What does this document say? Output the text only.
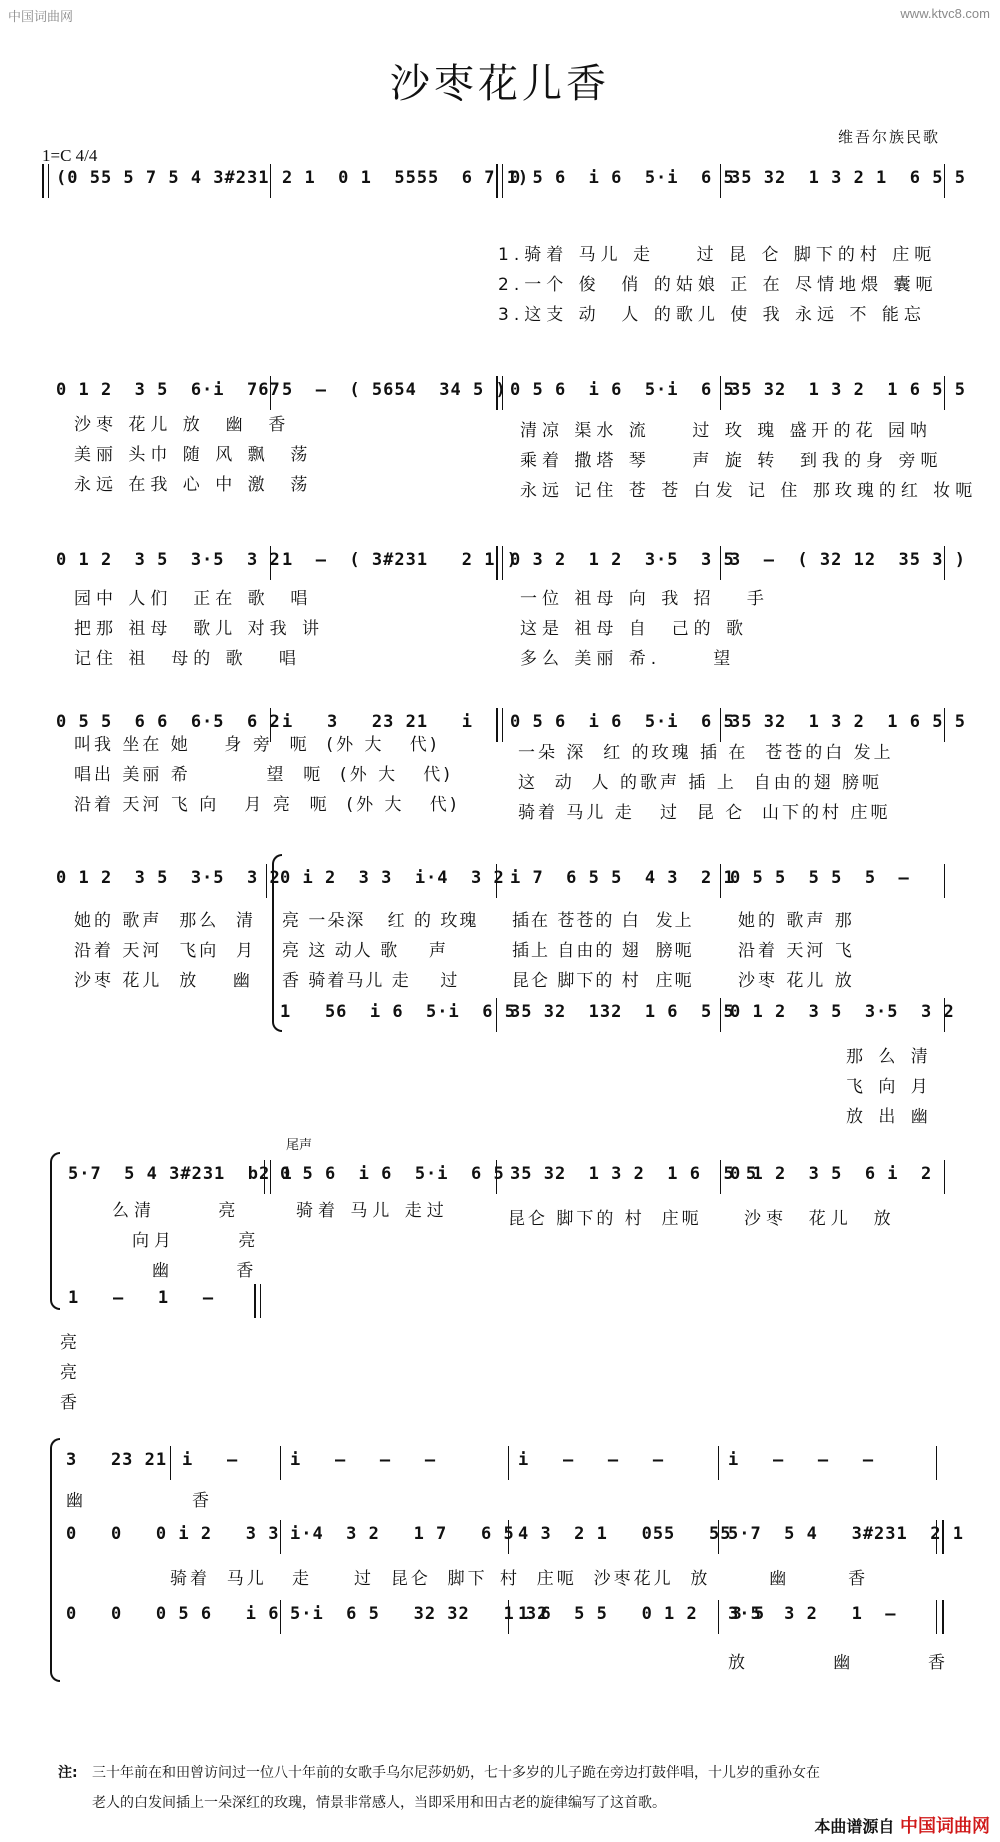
中国词曲网	www.ktvc8.com
沙枣花儿香
维吾尔族民歌
1=C 4/4
(0 55 5 7 5 4 3#231 2 1  0 1  5555  6 7 1)
0 5 6  i 6  5·i  6 5
35 32  1 3 2 1  6 5 5
1.骑着 马儿 走    过 昆 仑 脚下的村 庄呃
2.一个 俊  俏 的姑娘 正 在 尽情地煨 囊呃
3.这支 动  人 的歌儿 使 我 永远 不 能忘
0 1 2  3 5  6·i  767 5  —  ( 5654  34 5 ) 0 5 6  i 6  5·i  6 5
35 32  1 3 2  1 6 5 5
沙枣 花儿 放  幽  香
美丽 头巾 随 风 飘  荡
永远 在我 心 中 激  荡
清凉 渠水 流    过 玫 瑰 盛开的花 园呐
乘着 撒塔 琴    声 旋 转  到我的身 旁呃
永远 记住 苍 苍 白发 记 住 那玫瑰的红 妆呃
0 1 2  3 5  3·5  3 2 1  —  ( 3#231   2 1 )
0 3 2  1 2  3·5  3 5
3  —  ( 32 12  35 3 )
园中 人们  正在 歌  唱
把那 祖母  歌儿 对我 讲
记住 祖  母的 歌   唱
一位 祖母 向 我 招   手
这是 祖母 自  己的 歌
多么 美丽 希.     望
0 5 5  6 6  6·5  6 2 i   3   23 21   i 0 5 6  i 6  5·i  6 5
35 32  1 3 2  1 6 5 5
叫我 坐在 她    身 旁  呃  (外 大   代)
唱出 美丽 希         望  呃  (外 大   代)
沿着 天河 飞 向   月 亮  呃  (外 大   代)
一朵 深  红 的玫瑰 插 在  苍苍的白 发上
这  动  人 的歌声 插 上  自由的翅 膀呃
骑着 马儿 走   过  昆 仑  山下的村 庄呃
0 1 2  3 5  3·5  3 2 0 i 2  3 3  i·4  3 2 i 7  6 5 5  4 3  2 1
0 5 5  5 5  5  —
她的 歌声  那么  清
沿着 天河  飞向  月
沙枣 花儿  放    幽
亮 一朵深   红 的 玫瑰
亮 这 动人 歌    声
香 骑着马儿 走    过
插在 苍苍的 白  发上
插上 自由的 翅  膀呃
昆仑 脚下的 村  庄呃
她的 歌声 那
沿着 天河 飞
沙枣 花儿 放
1   56  i 6  5·i  6 5
35 32  132  1 6  5 5
0 1 2  3 5  3·5  3 2
那 么 清
飞 向 月
放 出 幽
尾声
5·7  5 4 3#231  b2 1
0 5 6  i 6  5·i  6 5 35 32  1 3 2  1 6  5 5
0 1 2  3 5  6 i  2
么清      亮
向月      亮
幽      香
骑着 马儿 走过	昆仑 脚下的 村  庄呃 沙枣  花儿  放
1   —   1   —
亮
亮
香
3   23 21 i   —	i   —   —   —	i   —   —   —	i   —   —   —
幽          香
0   0   0 i 2   3 3 i·4  3 2   1 7   6 5 4 3  2 1   055   55
5·7  5 4   3#231  2 1
骑着  马儿   走     过  昆仑  脚下 村  庄呃  沙枣花儿  放       幽       香
0   0   0 5 6   i 6 5·i  6 5   32 32   1 32
1 6  5 5   0 1 2   3 5
3·5  3 2   1  —
放        幽       香
注: 三十年前在和田曾访问过一位八十年前的女歌手乌尔尼莎奶奶，七十多岁的儿子跪在旁边打鼓伴唱，十儿岁的重孙女在
老人的白发间插上一朵深红的玫瑰，情景非常感人，当即采用和田古老的旋律编写了这首歌。
本曲谱源自 中国词曲网
